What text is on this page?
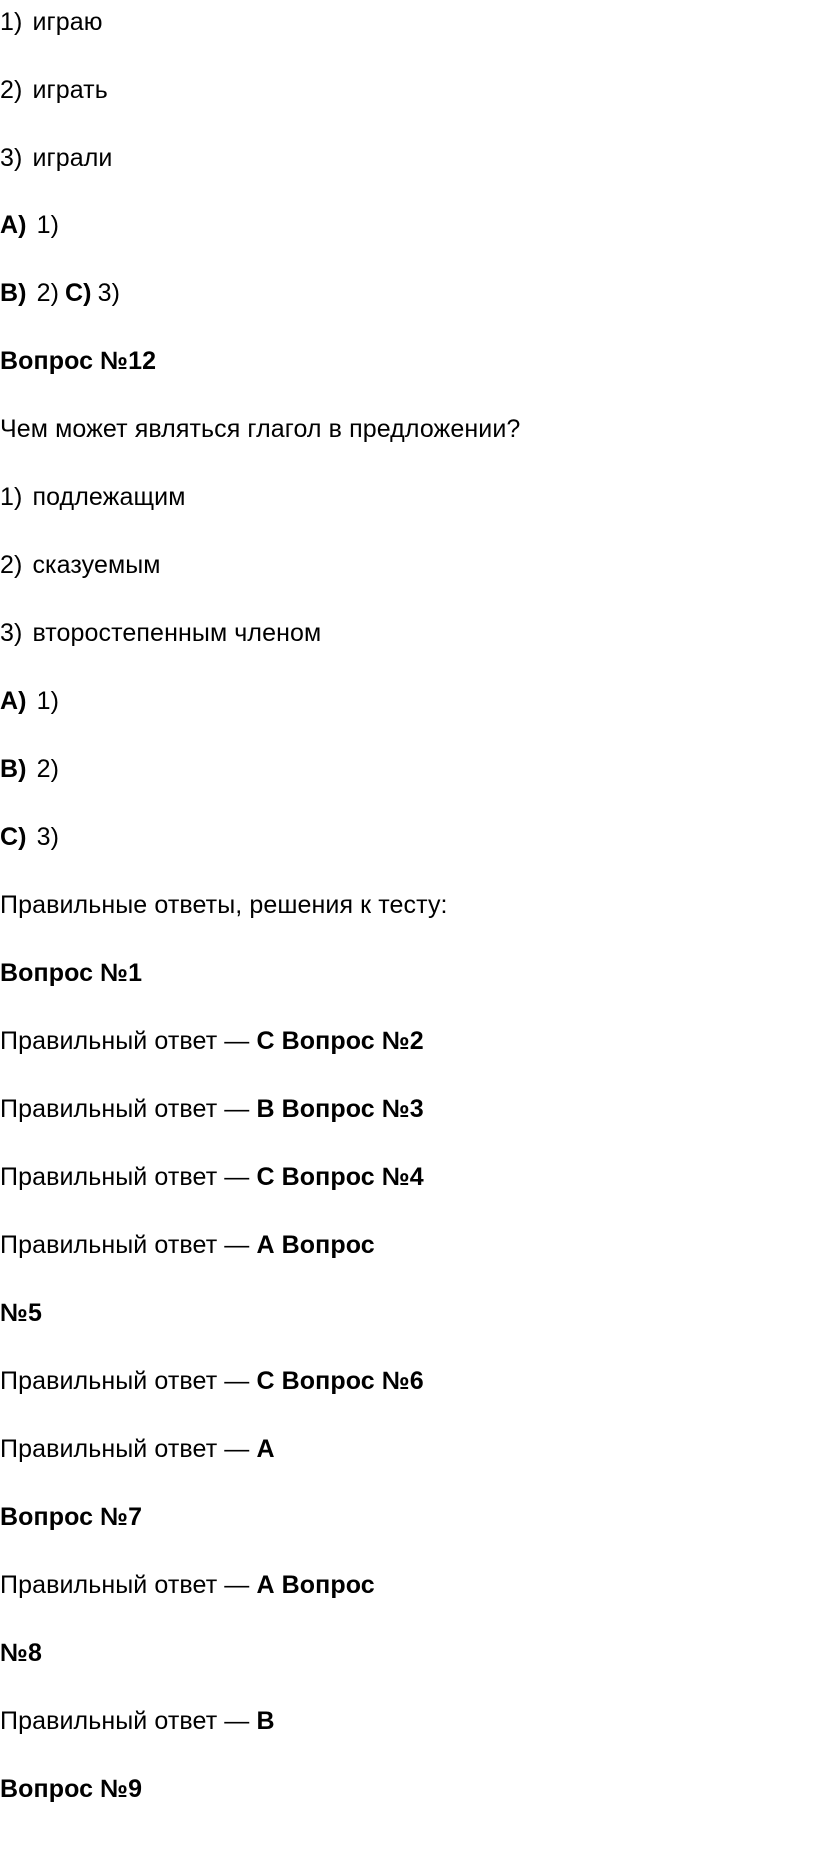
1) играю
2) играть
3) играли
A) 1)
B) 2) C) 3)
Вопрос №12
Чем может являться глагол в предложении?
1) подлежащим
2) сказуемым
3) второстепенным членом
A) 1)
B) 2)
C) 3)
Правильные ответы, решения к тесту:
Вопрос №1
Правильный ответ — C Вопрос №2
Правильный ответ — B Вопрос №3
Правильный ответ — C Вопрос №4
Правильный ответ — A Вопрос
№5
Правильный ответ — C Вопрос №6
Правильный ответ — A
Вопрос №7
Правильный ответ — A Вопрос
№8
Правильный ответ — B
Вопрос №9
